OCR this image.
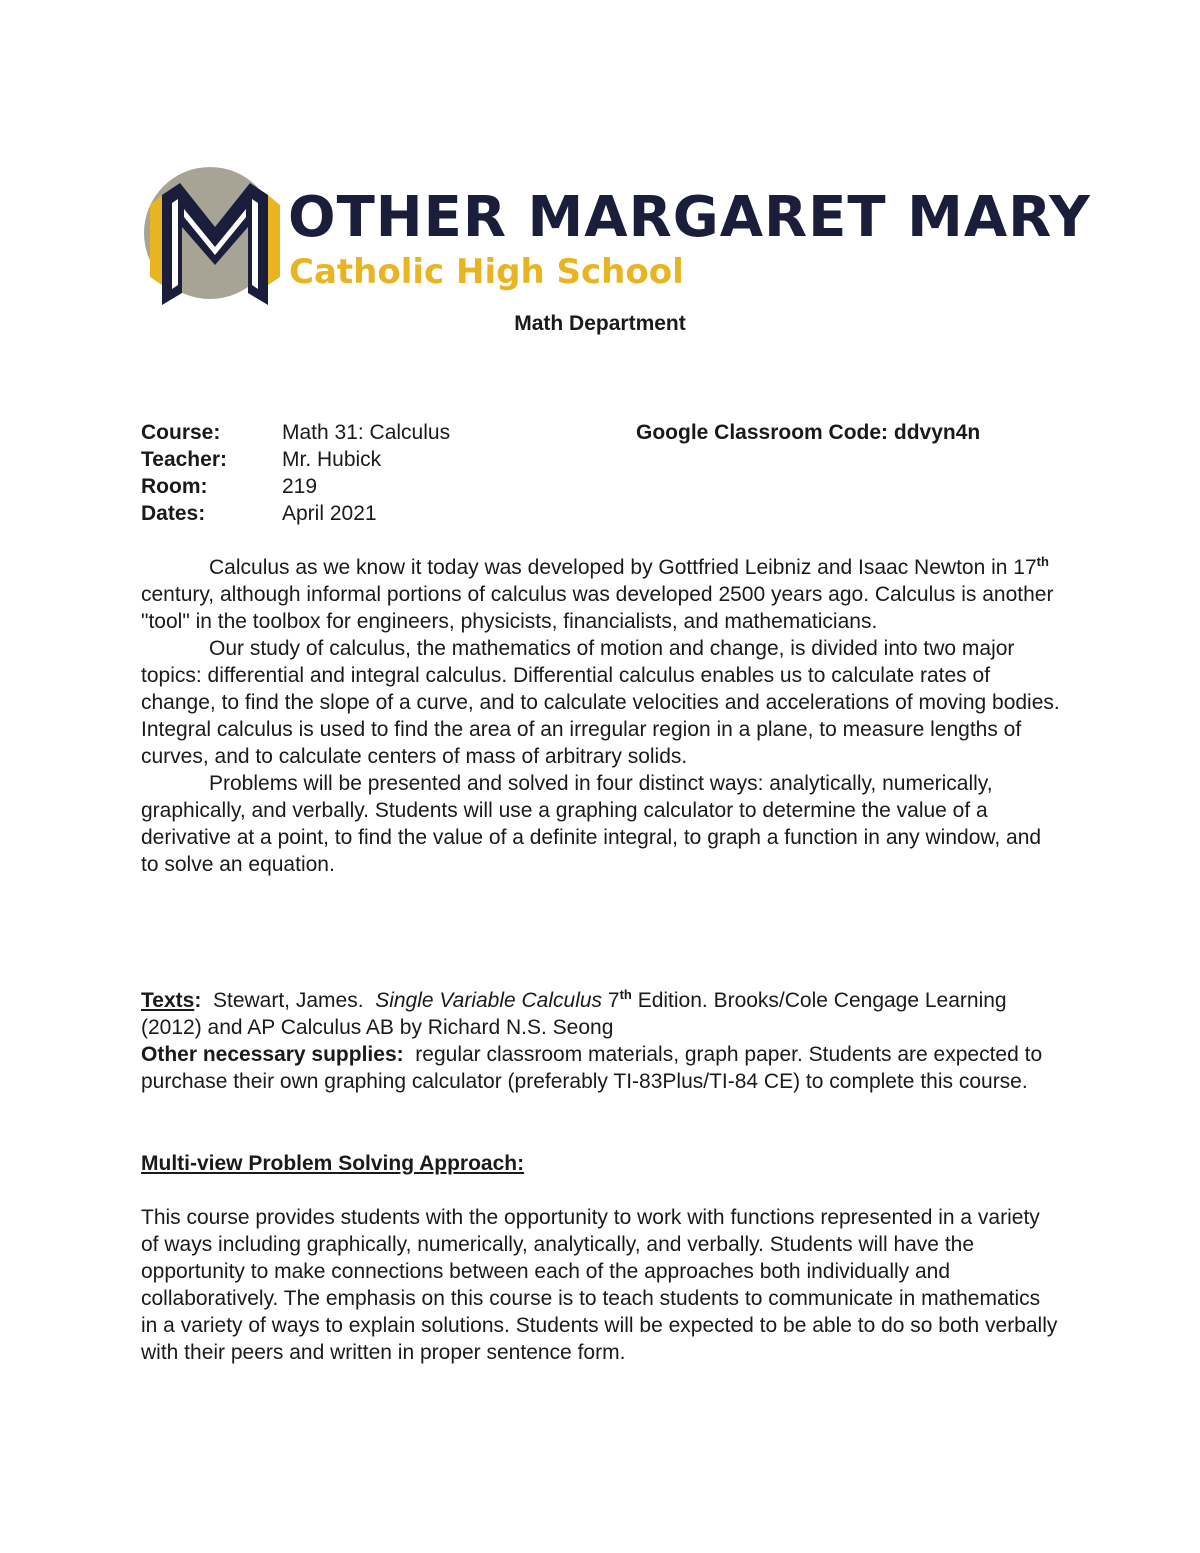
OTHER MARGARET MARY
Catholic High School
Math Department
Course:	Math 31: Calculus
Teacher:	Mr. Hubick
Room:	219
Dates:	April 2021
Google Classroom Code: ddvyn4n

Calculus as we know it today was developed by Gottfried Leibniz and Isaac Newton in 17th century, although informal portions of calculus was developed 2500 years ago. Calculus is another "tool" in the toolbox for engineers, physicists, financialists, and mathematicians.

Our study of calculus, the mathematics of motion and change, is divided into two major topics: differential and integral calculus. Differential calculus enables us to calculate rates of change, to find the slope of a curve, and to calculate velocities and accelerations of moving bodies. Integral calculus is used to find the area of an irregular region in a plane, to measure lengths of curves, and to calculate centers of mass of arbitrary solids.

Problems will be presented and solved in four distinct ways: analytically, numerically, graphically, and verbally. Students will use a graphing calculator to determine the value of a derivative at a point, to find the value of a definite integral, to graph a function in any window, and to solve an equation.

Texts:  Stewart, James.  Single Variable Calculus 7th Edition. Brooks/Cole Cengage Learning (2012) and AP Calculus AB by Richard N.S. Seong

Other necessary supplies:  regular classroom materials, graph paper. Students are expected to purchase their own graphing calculator (preferably TI-83Plus/TI-84 CE) to complete this course.

Multi-view Problem Solving Approach:

This course provides students with the opportunity to work with functions represented in a variety of ways including graphically, numerically, analytically, and verbally. Students will have the opportunity to make connections between each of the approaches both individually and collaboratively. The emphasis on this course is to teach students to communicate in mathematics in a variety of ways to explain solutions. Students will be expected to be able to do so both verbally with their peers and written in proper sentence form.
